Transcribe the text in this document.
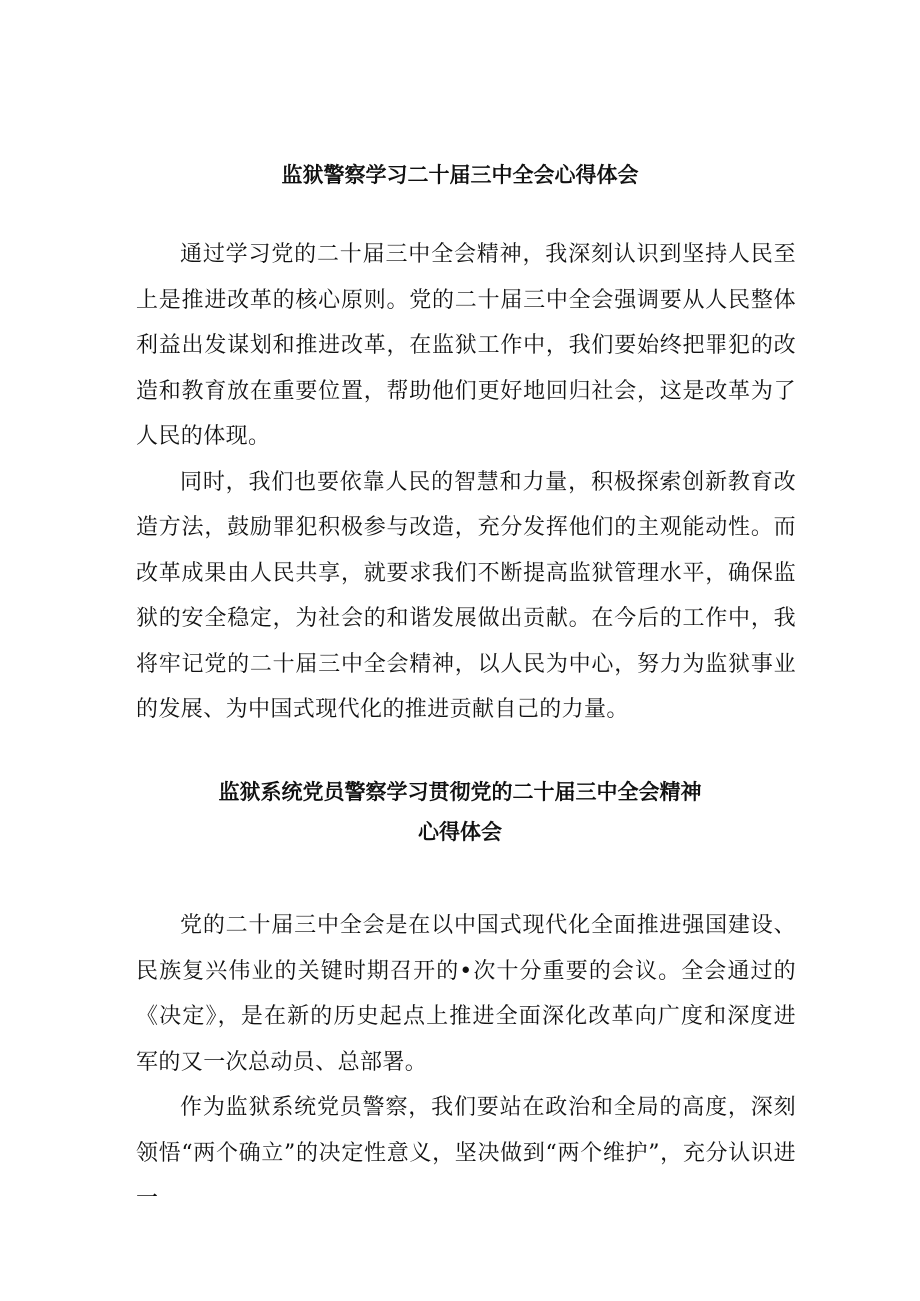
监狱警察学习二十届三中全会心得体会

通过学习党的二十届三中全会精神，我深刻认识到坚持人民至上是推进改革的核心原则。党的二十届三中全会强调要从人民整体利益出发谋划和推进改革，在监狱工作中，我们要始终把罪犯的改造和教育放在重要位置，帮助他们更好地回归社会，这是改革为了人民的体现。

同时，我们也要依靠人民的智慧和力量，积极探索创新教育改造方法，鼓励罪犯积极参与改造，充分发挥他们的主观能动性。而改革成果由人民共享，就要求我们不断提高监狱管理水平，确保监狱的安全稳定，为社会的和谐发展做出贡献。在今后的工作中，我将牢记党的二十届三中全会精神，以人民为中心，努力为监狱事业的发展、为中国式现代化的推进贡献自己的力量。

监狱系统党员警察学习贯彻党的二十届三中全会精神
心得体会

党的二十届三中全会是在以中国式现代化全面推进强国建设、民族复兴伟业的关键时期召开的•次十分重要的会议。全会通过的《决定》，是在新的历史起点上推进全面深化改革向广度和深度进军的又一次总动员、总部署。

作为监狱系统党员警察，我们要站在政治和全局的高度，深刻领悟“两个确立”的决定性意义，坚决做到“两个维护”，充分认识进一
